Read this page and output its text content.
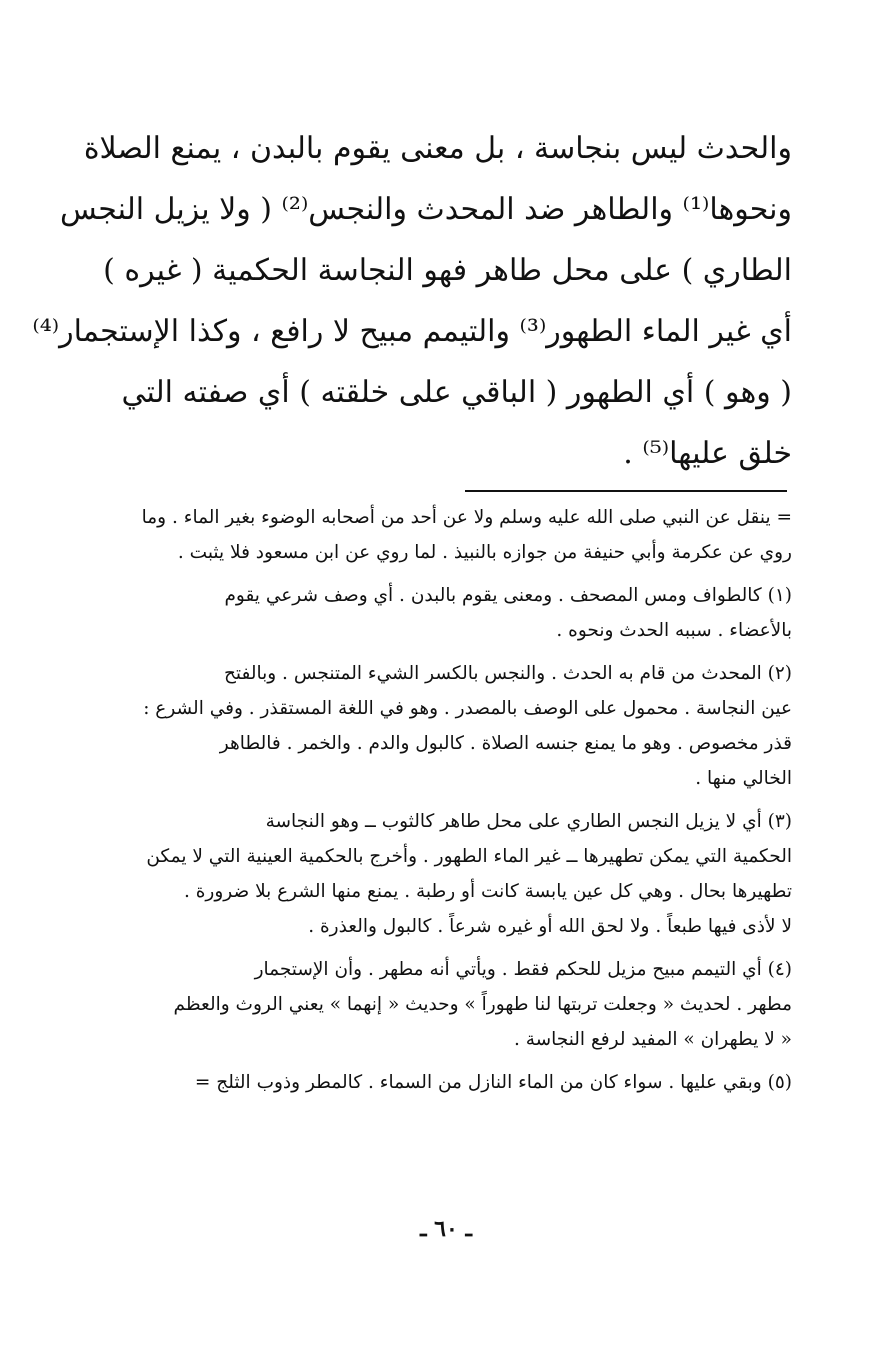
والحدث ليس بنجاسة ، بل معنى يقوم بالبدن ، يمنع الصلاة
ونحوها⁽¹⁾ والطاهر ضد المحدث والنجس⁽²⁾ ( ولا يزيل النجس
الطاري ) على محل طاهر فهو النجاسة الحكمية ( غيره )
أي غير الماء الطهور⁽³⁾ والتيمم مبيح لا رافع ، وكذا الإستجمار⁽⁴⁾
( وهو ) أي الطهور ( الباقي على خلقته ) أي صفته التي
خلق عليها⁽⁵⁾ .
= ينقل عن النبي صلى الله عليه وسلم ولا عن أحد من أصحابه الوضوء بغير الماء . وما
روي عن عكرمة وأبي حنيفة من جوازه بالنبيذ . لما روي عن ابن مسعود فلا يثبت .
(١) كالطواف ومس المصحف . ومعنى يقوم بالبدن . أي وصف شرعي يقوم
بالأعضاء . سببه الحدث ونحوه .
(٢) المحدث من قام به الحدث . والنجس بالكسر الشيء المتنجس . وبالفتح
عين النجاسة . محمول على الوصف بالمصدر . وهو في اللغة المستقذر . وفي الشرع :
قذر مخصوص . وهو ما يمنع جنسه الصلاة . كالبول والدم . والخمر . فالطاهر
الخالي منها .
(٣) أي لا يزيل النجس الطاري على محل طاهر كالثوب ــ وهو النجاسة
الحكمية التي يمكن تطهيرها ــ غير الماء الطهور . وأخرج بالحكمية العينية التي لا يمكن
تطهيرها بحال . وهي كل عين يابسة كانت أو رطبة . يمنع منها الشرع بلا ضرورة .
لا لأذى فيها طبعاً . ولا لحق الله أو غيره شرعاً . كالبول والعذرة .
(٤) أي التيمم مبيح مزيل للحكم فقط . ويأتي أنه مطهر . وأن الإستجمار
مطهر . لحديث « وجعلت تربتها لنا طهوراً » وحديث « إنهما » يعني الروث والعظم
« لا يطهران » المفيد لرفع النجاسة .
(٥) وبقي عليها . سواء كان من الماء النازل من السماء . كالمطر وذوب الثلج =
ـ ٦٠ ـ
